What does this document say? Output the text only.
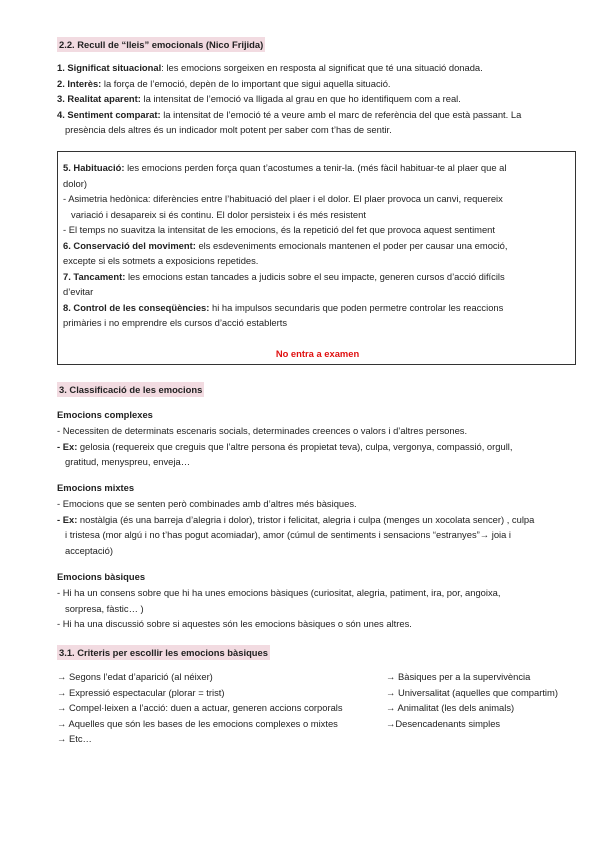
2.2. Recull de “lleis” emocionals (Nico Frijida)
1. Significat situacional: les emocions sorgeixen en resposta al significat que té una situació donada.
2. Interès: la força de l’emoció, depèn de lo important que sigui aquella situació.
3. Realitat aparent: la intensitat de l’emoció va lligada al grau en que ho identifiquem com a real.
4. Sentiment comparat: la intensitat de l’emoció té a veure amb el marc de referència del que està passant. La
presència dels altres és un indicador molt potent per saber com t’has de sentir.
5. Habituació: les emocions perden força quan t’acostumes a tenir-la. (més fàcil habituar-te al plaer que al
dolor)
- Asimetria hedònica: diferències entre l’habituació del plaer i el dolor. El plaer provoca un canvi, requereix
variació i desapareix si és continu. El dolor persisteix i és més resistent
- El temps no suavitza la intensitat de les emocions, és la repetició del fet que provoca aquest sentiment
6. Conservació del moviment: els esdeveniments emocionals mantenen el poder per causar una emoció,
excepte si els sotmets a exposicions repetides.
7. Tancament: les emocions estan tancades a judicis sobre el seu impacte, generen cursos d’acció difícils
d’evitar
8. Control de les conseqüències: hi ha impulsos secundaris que poden permetre controlar les reaccions
primàries i no emprendre els cursos d’acció establerts
No entra a examen
3. Classificació de les emocions
Emocions complexes
- Necessiten de determinats escenaris socials, determinades creences o valors i d’altres persones.
- Ex: gelosia (requereix que creguis que l’altre persona és propietat teva), culpa, vergonya, compassió, orgull,
gratitud, menyspreu, enveja…
Emocions mixtes
- Emocions que se senten però combinades amb d’altres més bàsiques.
- Ex: nostàlgia (és una barreja d’alegria i dolor), tristor i felicitat, alegria i culpa (menges un xocolata sencer) , culpa
i tristesa (mor algú i no t’has pogut acomiadar), amor (cúmul de sentiments i sensacions “estranyes”→ joia i
acceptació)
Emocions bàsiques
- Hi ha un consens sobre que hi ha unes emocions bàsiques (curiositat, alegria, patiment, ira, por, angoixa,
sorpresa, fàstic… )
- Hi ha una discussió sobre si aquestes són les emocions bàsiques o són unes altres.
3.1. Criteris per escollir les emocions bàsiques
→ Segons l’edat d’aparició (al néixer)
→ Expressió espectacular (plorar = trist)
→ Compel·leixen a l’acció: duen a actuar, generen accions corporals
→ Aquelles que són les bases de les emocions complexes o mixtes
→ Etc…
→ Bàsiques per a la supervivència
→ Universalitat (aquelles que compartim)
→ Animalitat (les dels animals)
→Desencadenants simples
